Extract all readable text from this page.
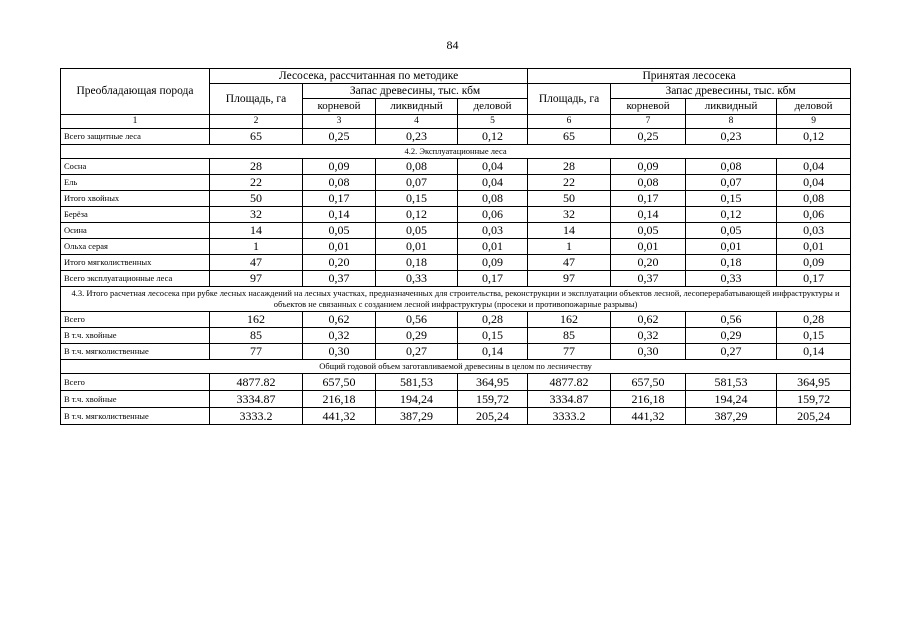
84
Преобладающая порода	Лесосека, рассчитанная по методике				Принятая лесосека			
	Площадь, га	Запас древесины, тыс. кбм			Площадь, га	Запас древесины, тыс. кбм		
		корневой	ликвидный	деловой		корневой	ликвидный	деловой
1	2	3	4	5	6	7	8	9
Всего защитные леса	65	0,25	0,23	0,12	65	0,25	0,23	0,12
4.2. Эксплуатационные леса								
Сосна	28	0,09	0,08	0,04	28	0,09	0,08	0,04
Ель	22	0,08	0,07	0,04	22	0,08	0,07	0,04
Итого хвойных	50	0,17	0,15	0,08	50	0,17	0,15	0,08
Берёза	32	0,14	0,12	0,06	32	0,14	0,12	0,06
Осина	14	0,05	0,05	0,03	14	0,05	0,05	0,03
Ольха серая	1	0,01	0,01	0,01	1	0,01	0,01	0,01
Итого мягколиственных	47	0,20	0,18	0,09	47	0,20	0,18	0,09
Всего эксплуатационные леса	97	0,37	0,33	0,17	97	0,37	0,33	0,17
4.3. Итого расчетная лесосека при рубке лесных насаждений на лесных участках, предназначенных для строительства, реконструкции и эксплуатации объектов лесной, лесоперерабатывающей инфраструктуры и объектов не связанных с созданием лесной инфраструктуры (просеки и противопожарные разрывы)								
Всего	162	0,62	0,56	0,28	162	0,62	0,56	0,28
В т.ч. хвойные	85	0,32	0,29	0,15	85	0,32	0,29	0,15
В т.ч. мягколиственные	77	0,30	0,27	0,14	77	0,30	0,27	0,14
Общий годовой объем заготавливаемой древесины в целом по лесничеству								
Всего	4877.82	657,50	581,53	364,95	4877.82	657,50	581,53	364,95
В т.ч. хвойные	3334.87	216,18	194,24	159,72	3334.87	216,18	194,24	159,72
В т.ч. мягколиственные	3333.2	441,32	387,29	205,24	3333.2	441,32	387,29	205,24
